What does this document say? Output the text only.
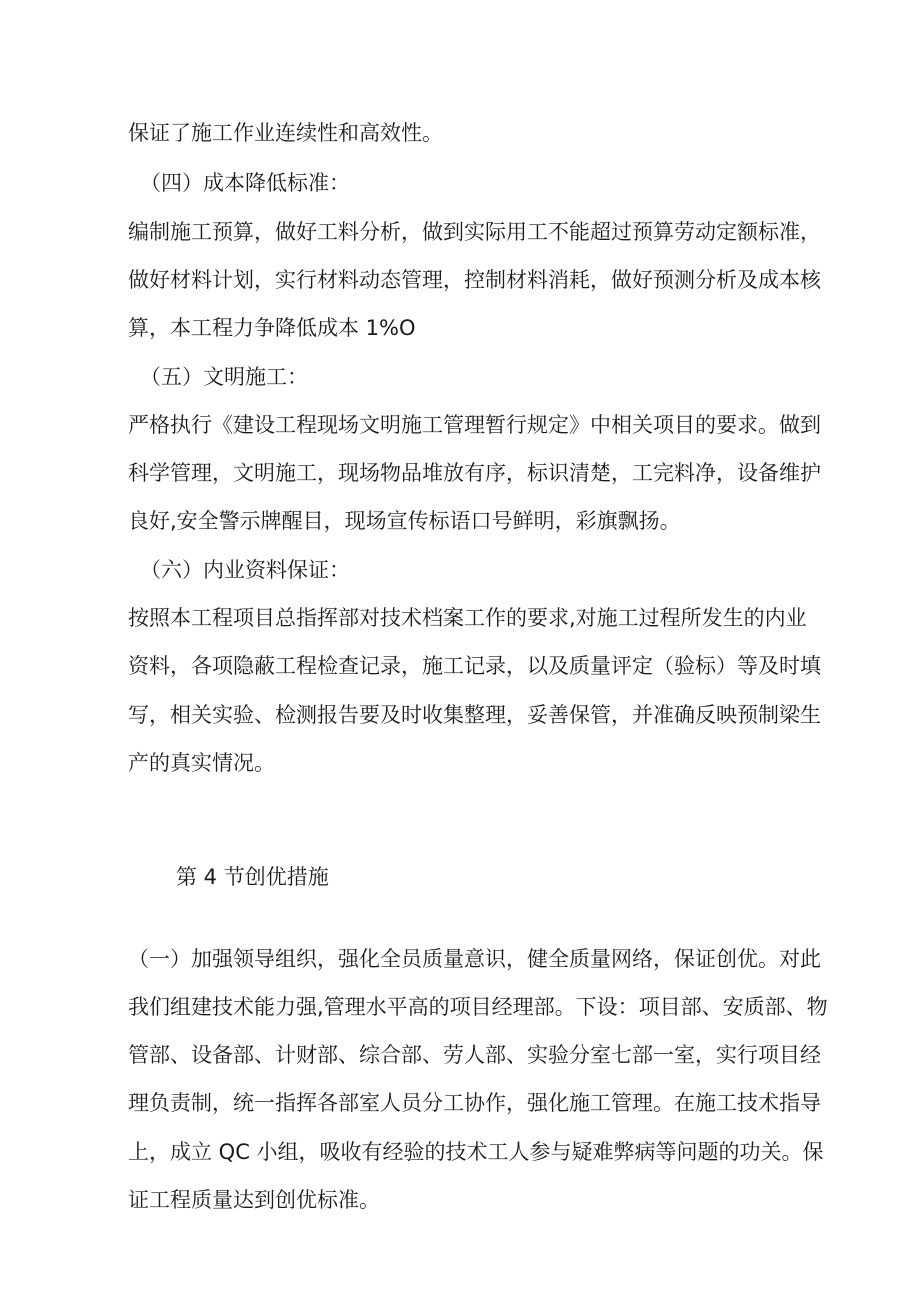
保证了施工作业连续性和高效性。
（四）成本降低标准：
编制施工预算，做好工料分析，做到实际用工不能超过预算劳动定额标准，
做好材料计划，实行材料动态管理，控制材料消耗，做好预测分析及成本核
算，本工程力争降低成本 1%O
（五）文明施工：
严格执行《建设工程现场文明施工管理暂行规定》中相关项目的要求。做到
科学管理，文明施工，现场物品堆放有序，标识清楚，工完料净，设备维护
良好,安全警示牌醒目，现场宣传标语口号鲜明，彩旗飘扬。
（六）内业资料保证：
按照本工程项目总指挥部对技术档案工作的要求,对施工过程所发生的内业
资料，各项隐蔽工程检查记录，施工记录，以及质量评定（验标）等及时填
写，相关实验、检测报告要及时收集整理，妥善保管，并准确反映预制梁生
产的真实情况。
第 4 节创优措施
（一）加强领导组织，强化全员质量意识，健全质量网络，保证创优。对此
我们组建技术能力强,管理水平高的项目经理部。下设：项目部、安质部、物
管部、设备部、计财部、综合部、劳人部、实验分室七部一室，实行项目经
理负责制，统一指挥各部室人员分工协作，强化施工管理。在施工技术指导
上，成立 QC 小组，吸收有经验的技术工人参与疑难弊病等问题的功关。保
证工程质量达到创优标准。
